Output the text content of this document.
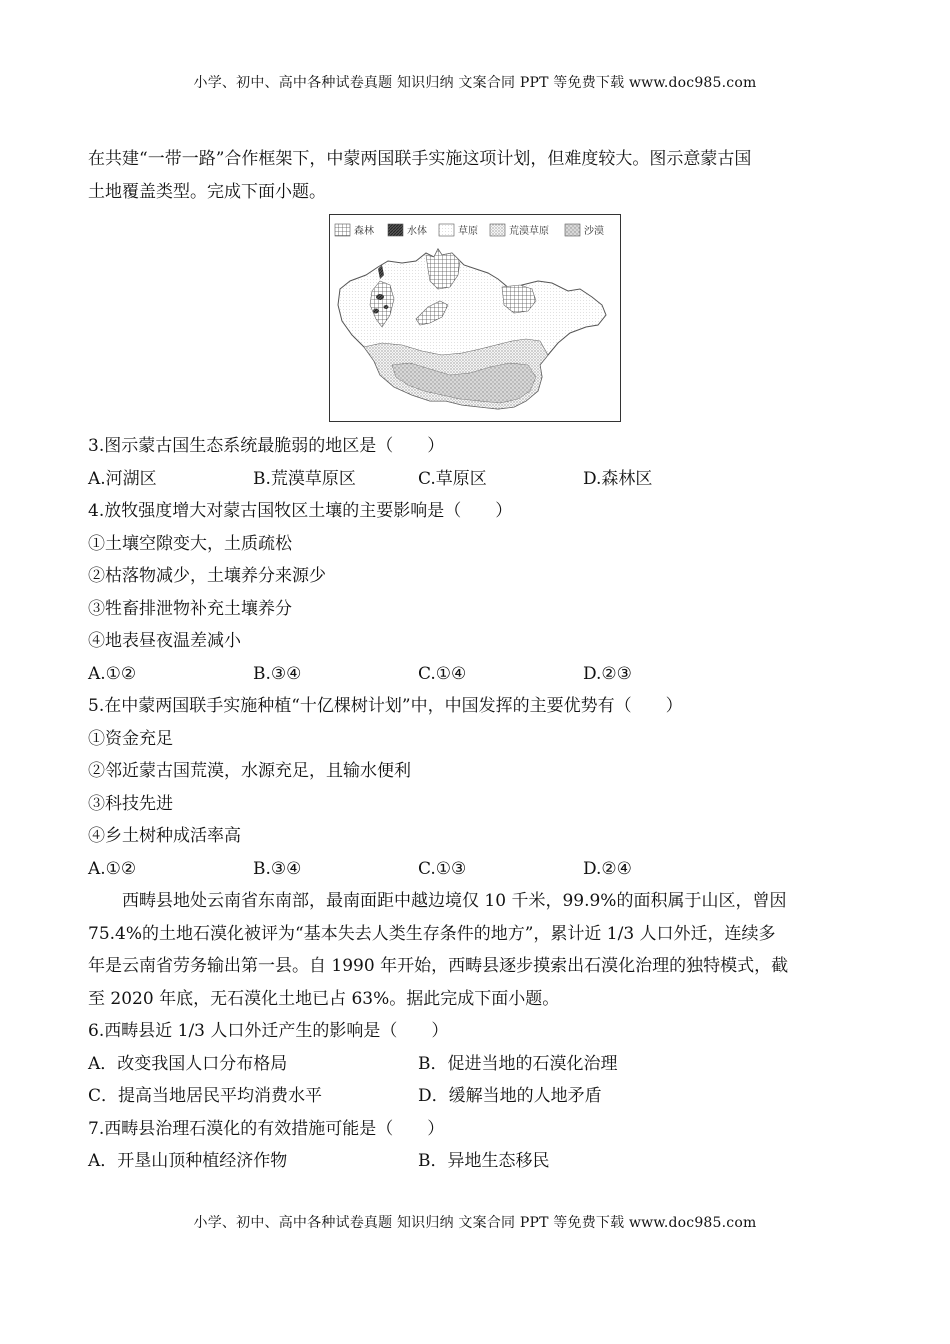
小学、初中、高中各种试卷真题 知识归纳 文案合同 PPT 等免费下载 www.doc985.com

在共建“一带一路”合作框架下，中蒙两国联手实施这项计划，但难度较大。图示意蒙古国

土地覆盖类型。完成下面小题。

森林	水体	草原	荒漠草原	沙漠

3.图示蒙古国生态系统最脆弱的地区是（　　）

A.河湖区	B.荒漠草原区	C.草原区	D.森林区

4.放牧强度增大对蒙古国牧区土壤的主要影响是（　　）

①土壤空隙变大，土质疏松

②枯落物减少，土壤养分来源少

③牲畜排泄物补充土壤养分

④地表昼夜温差减小

A.①②	B.③④	C.①④	D.②③

5.在中蒙两国联手实施种植“十亿棵树计划”中，中国发挥的主要优势有（　　）

①资金充足

②邻近蒙古国荒漠，水源充足，且输水便利

③科技先进

④乡土树种成活率高

A.①②	B.③④	C.①③	D.②④

西畴县地处云南省东南部，最南面距中越边境仅 10 千米，99.9%的面积属于山区，曾因

75.4%的土地石漠化被评为“基本失去人类生存条件的地方”，累计近 1/3 人口外迁，连续多

年是云南省劳务输出第一县。自 1990 年开始，西畴县逐步摸索出石漠化治理的独特模式，截

至 2020 年底，无石漠化土地已占 63%。据此完成下面小题。

6.西畴县近 1/3 人口外迁产生的影响是（　　）

A．改变我国人口分布格局	B．促进当地的石漠化治理
C．提高当地居民平均消费水平	D．缓解当地的人地矛盾

7.西畴县治理石漠化的有效措施可能是（　　）

A．开垦山顶种植经济作物	B．异地生态移民
小学、初中、高中各种试卷真题 知识归纳 文案合同 PPT 等免费下载 www.doc985.com
